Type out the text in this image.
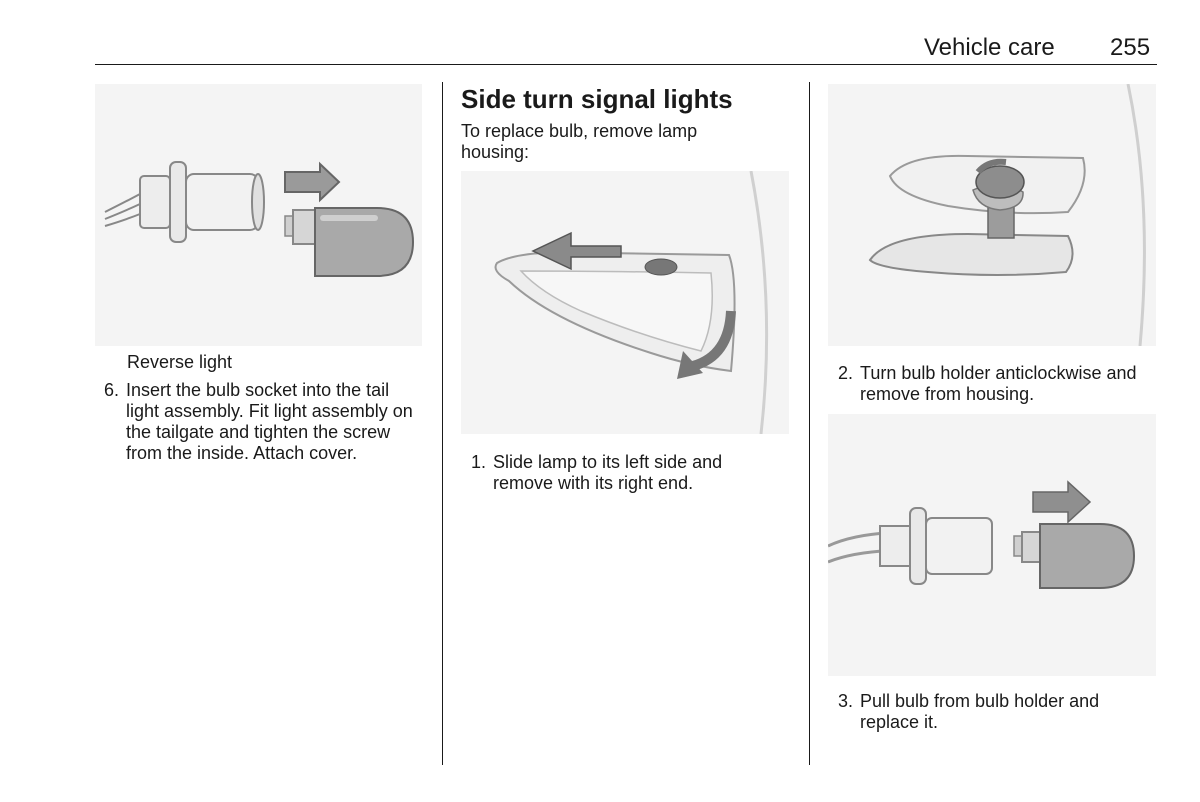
Vehicle care 255
Reverse light
6. Insert the bulb socket into the tail light assembly. Fit light assembly on the tailgate and tighten the screw from the inside. Attach cover.
Side turn signal lights
To replace bulb, remove lamp housing:
1. Slide lamp to its left side and remove with its right end.
2. Turn bulb holder anticlockwise and remove from housing.
3. Pull bulb from bulb holder and replace it.
